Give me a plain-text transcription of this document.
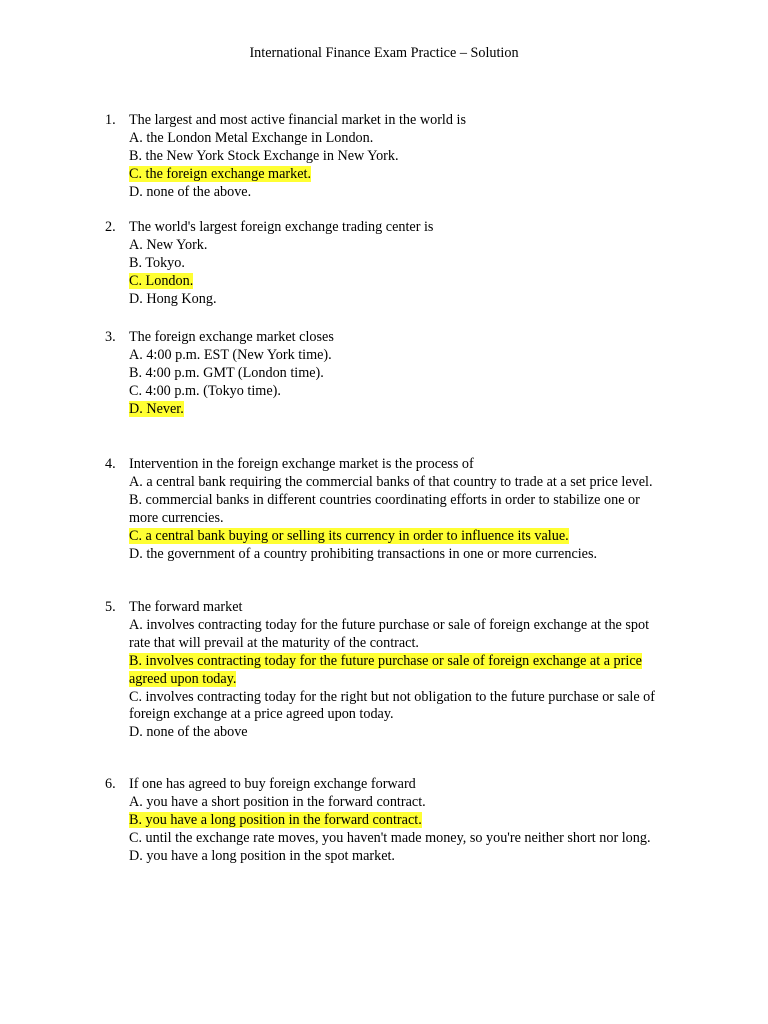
International Finance Exam Practice – Solution
1. The largest and most active financial market in the world is
A. the London Metal Exchange in London.
B. the New York Stock Exchange in New York.
C. the foreign exchange market.
D. none of the above.
2. The world's largest foreign exchange trading center is
A. New York.
B. Tokyo.
C. London.
D. Hong Kong.
3. The foreign exchange market closes
A. 4:00 p.m. EST (New York time).
B. 4:00 p.m. GMT (London time).
C. 4:00 p.m. (Tokyo time).
D. Never.
4. Intervention in the foreign exchange market is the process of
A. a central bank requiring the commercial banks of that country to trade at a set price level.
B. commercial banks in different countries coordinating efforts in order to stabilize one or more currencies.
C. a central bank buying or selling its currency in order to influence its value.
D. the government of a country prohibiting transactions in one or more currencies.
5. The forward market
A. involves contracting today for the future purchase or sale of foreign exchange at the spot rate that will prevail at the maturity of the contract.
B. involves contracting today for the future purchase or sale of foreign exchange at a price agreed upon today.
C. involves contracting today for the right but not obligation to the future purchase or sale of foreign exchange at a price agreed upon today.
D. none of the above
6. If one has agreed to buy foreign exchange forward
A. you have a short position in the forward contract.
B. you have a long position in the forward contract.
C. until the exchange rate moves, you haven't made money, so you're neither short nor long.
D. you have a long position in the spot market.
